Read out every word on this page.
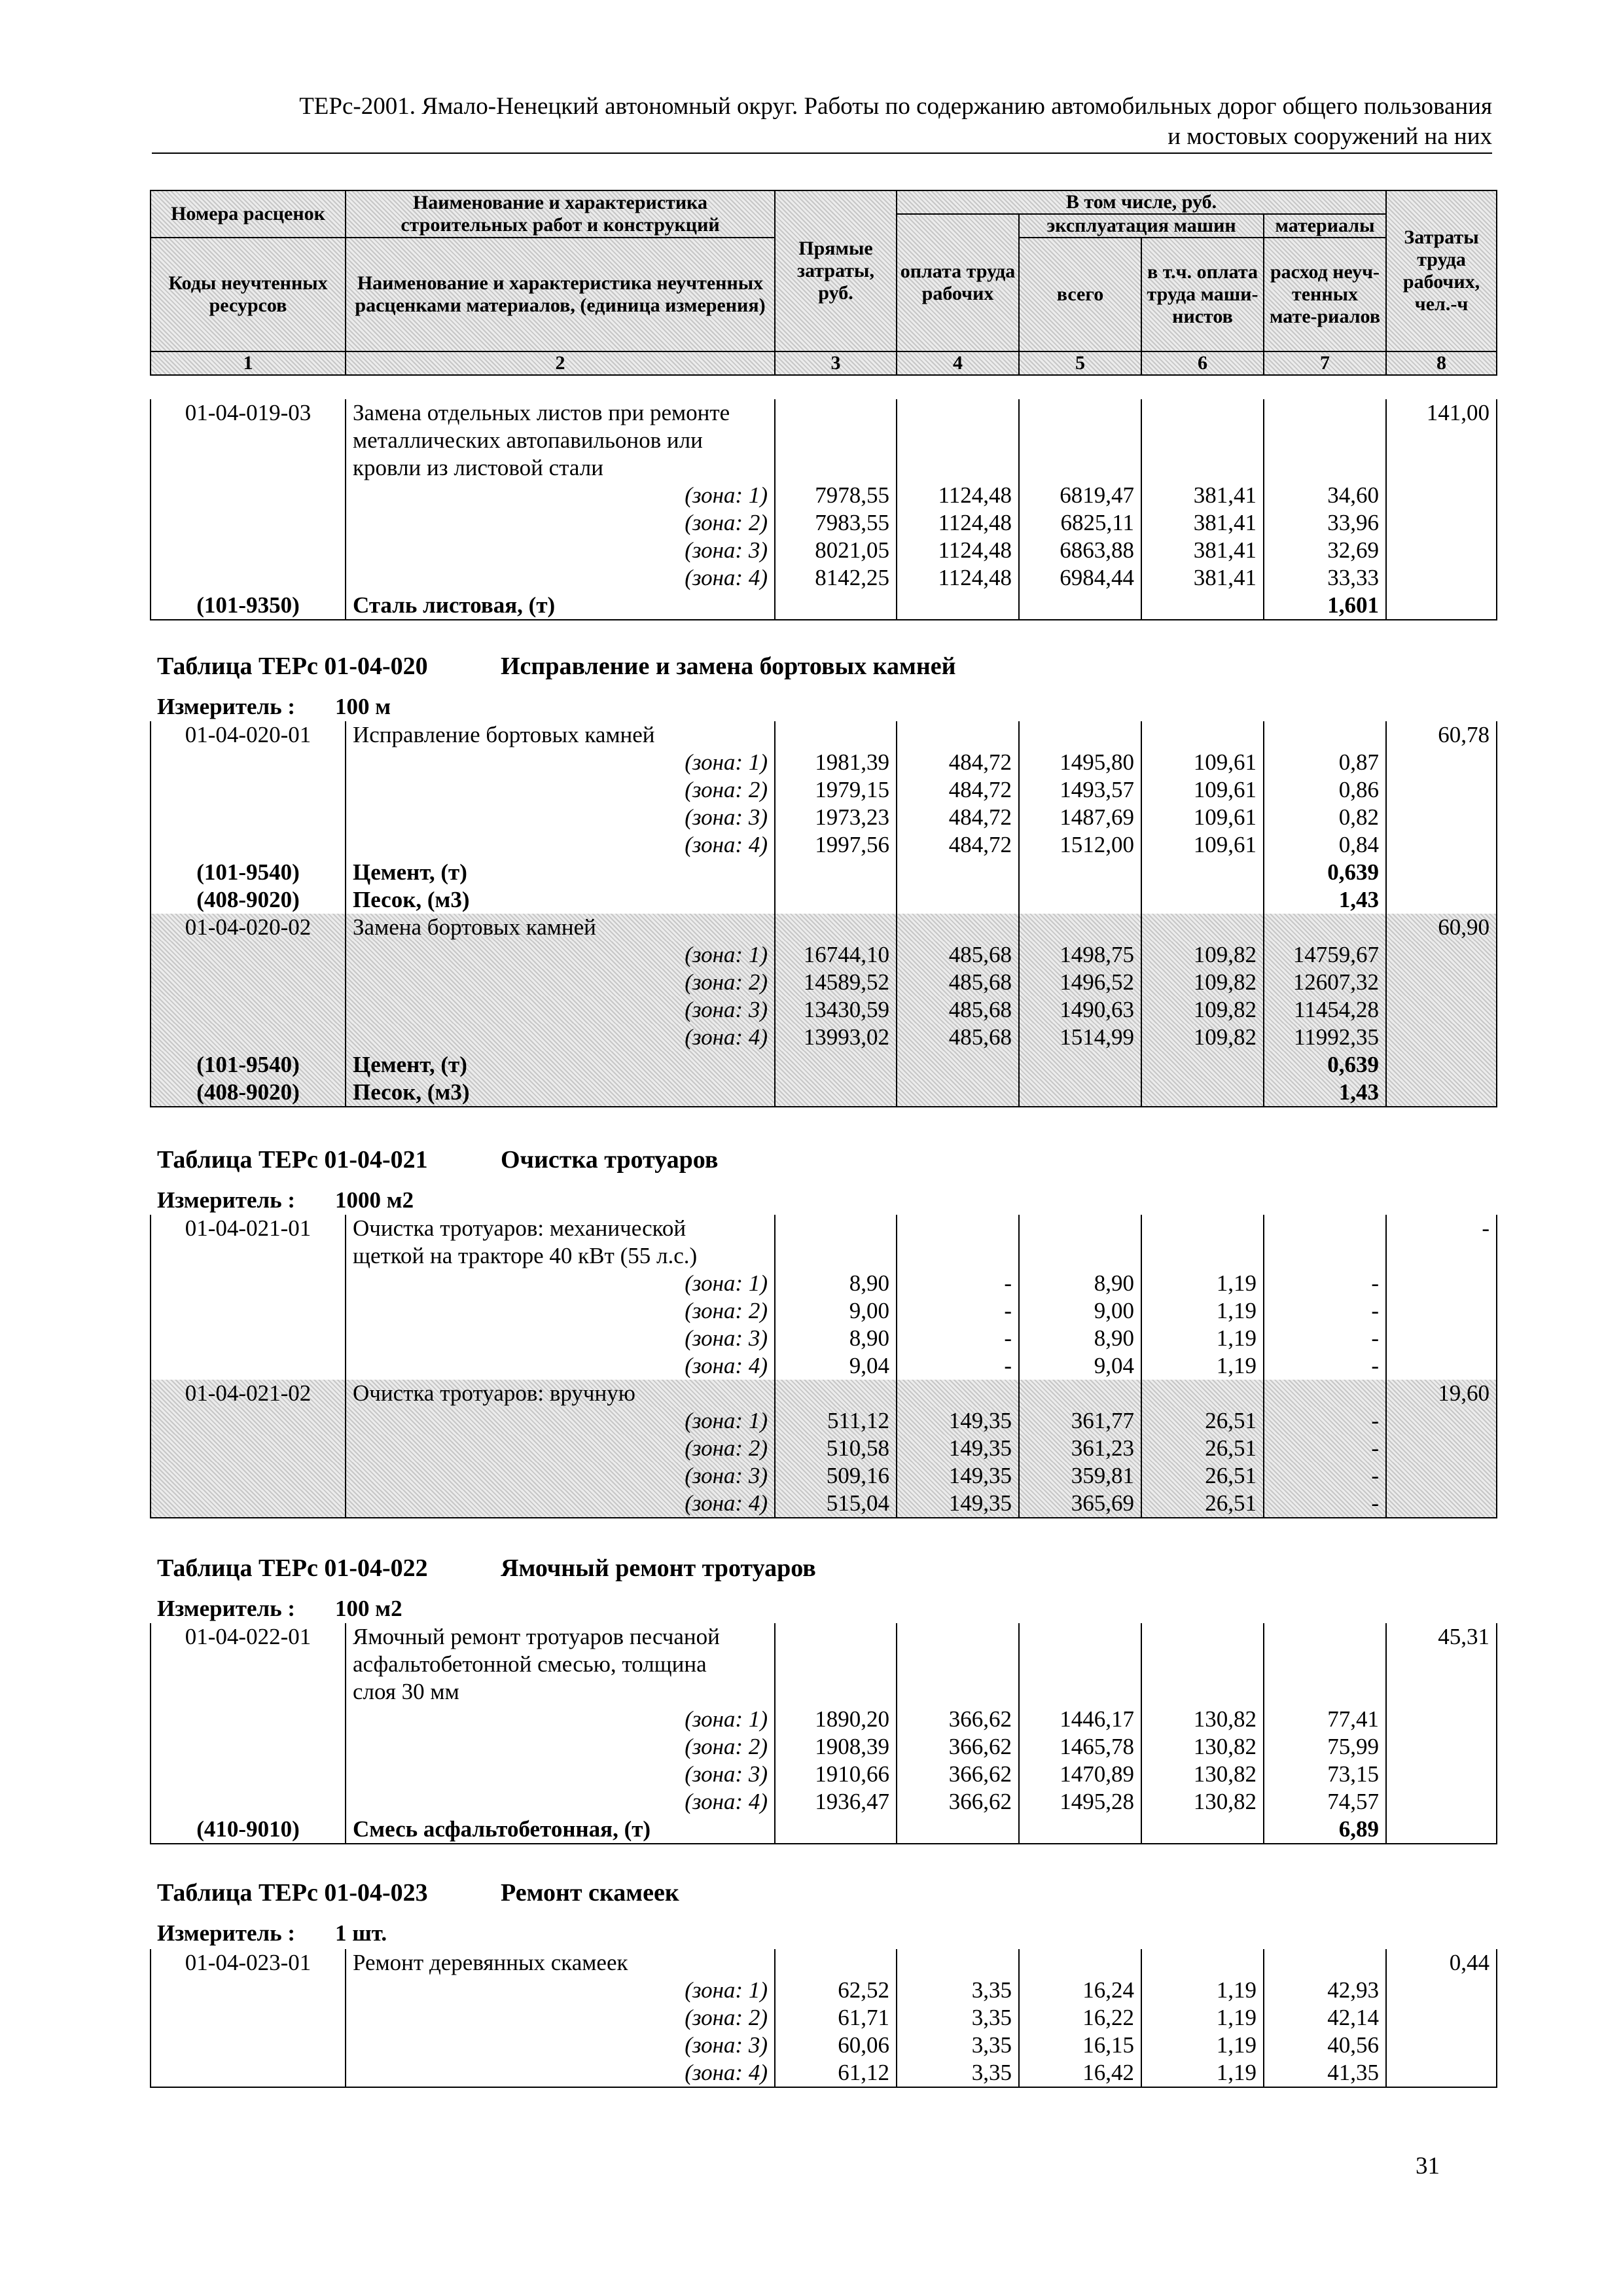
ТЕРс-2001. Ямало-Ненецкий автономный округ. Работы по содержанию автомобильных дорог общего пользования
и мостовых сооружений на них
Номера расценок	Наименование и характеристика строительных работ и конструкций	Прямые затраты, руб.	В том числе, руб.				Затраты труда рабочих, чел.-ч
			оплата труда рабочих	эксплуатация машин		материалы	
Коды неучтенных ресурсов	Наименование и характеристика неучтенных расценками материалов, (единица измерения)			всего	в т.ч. оплата труда маши-нистов	расход неуч-тенных мате-риалов	

1	2	3	4	5	6	7	8
01-04-019-03	Замена отдельных листов при ремонте						141,00
	металлических автопавильонов или						
	кровли из листовой стали						
	(зона: 1)	7978,55	1124,48	6819,47	381,41	34,60	
	(зона: 2)	7983,55	1124,48	6825,11	381,41	33,96	
	(зона: 3)	8021,05	1124,48	6863,88	381,41	32,69	
	(зона: 4)	8142,25	1124,48	6984,44	381,41	33,33	
(101-9350)	Сталь листовая, (т)					1,601	
Таблица ТЕРс 01-04-020	Исправление и замена бортовых камней
Измеритель : 100 м
01-04-020-01	Исправление бортовых камней						60,78
	(зона: 1)	1981,39	484,72	1495,80	109,61	0,87	
	(зона: 2)	1979,15	484,72	1493,57	109,61	0,86	
	(зона: 3)	1973,23	484,72	1487,69	109,61	0,82	
	(зона: 4)	1997,56	484,72	1512,00	109,61	0,84	
(101-9540)	Цемент, (т)					0,639	
(408-9020)	Песок, (м3)					1,43	
01-04-020-02	Замена бортовых камней						60,90
	(зона: 1)	16744,10	485,68	1498,75	109,82	14759,67	
	(зона: 2)	14589,52	485,68	1496,52	109,82	12607,32	
	(зона: 3)	13430,59	485,68	1490,63	109,82	11454,28	
	(зона: 4)	13993,02	485,68	1514,99	109,82	11992,35	
(101-9540)	Цемент, (т)					0,639	
(408-9020)	Песок, (м3)					1,43	
Таблица ТЕРс 01-04-021	Очистка тротуаров
Измеритель : 1000 м2
01-04-021-01	Очистка тротуаров: механической						-
	щеткой на тракторе 40 кВт (55 л.с.)						
	(зона: 1)	8,90	-	8,90	1,19	-	
	(зона: 2)	9,00	-	9,00	1,19	-	
	(зона: 3)	8,90	-	8,90	1,19	-	
	(зона: 4)	9,04	-	9,04	1,19	-	
01-04-021-02	Очистка тротуаров: вручную						19,60
	(зона: 1)	511,12	149,35	361,77	26,51	-	
	(зона: 2)	510,58	149,35	361,23	26,51	-	
	(зона: 3)	509,16	149,35	359,81	26,51	-	
	(зона: 4)	515,04	149,35	365,69	26,51	-	
Таблица ТЕРс 01-04-022	Ямочный ремонт тротуаров
Измеритель : 100 м2
01-04-022-01	Ямочный ремонт тротуаров песчаной						45,31
	асфальтобетонной смесью, толщина						
	слоя 30 мм						
	(зона: 1)	1890,20	366,62	1446,17	130,82	77,41	
	(зона: 2)	1908,39	366,62	1465,78	130,82	75,99	
	(зона: 3)	1910,66	366,62	1470,89	130,82	73,15	
	(зона: 4)	1936,47	366,62	1495,28	130,82	74,57	
(410-9010)	Смесь асфальтобетонная, (т)					6,89	
Таблица ТЕРс 01-04-023	Ремонт скамеек
Измеритель : 1 шт.
01-04-023-01	Ремонт деревянных скамеек						0,44
	(зона: 1)	62,52	3,35	16,24	1,19	42,93	
	(зона: 2)	61,71	3,35	16,22	1,19	42,14	
	(зона: 3)	60,06	3,35	16,15	1,19	40,56	
	(зона: 4)	61,12	3,35	16,42	1,19	41,35	
31
